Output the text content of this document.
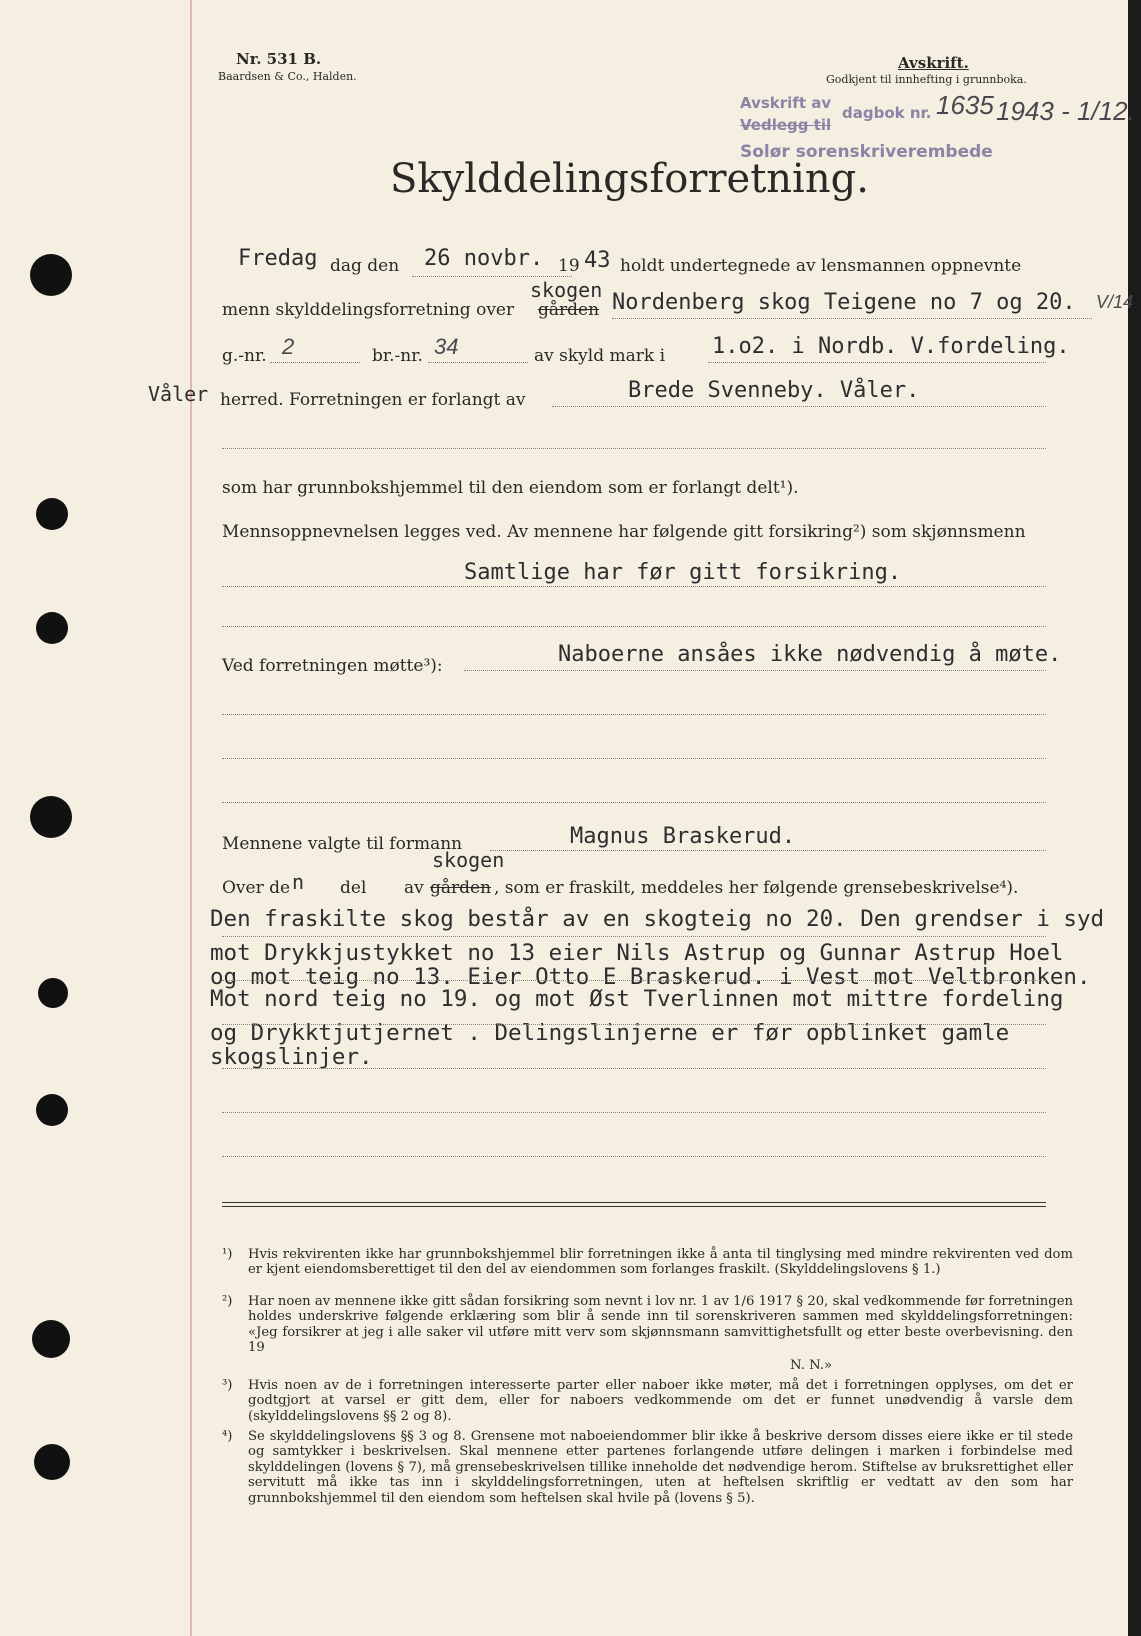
Nr. 531 B.
Baardsen & Co., Halden.
Avskrift.
Godkjent til innhefting i grunnboka.
Avskrift av
dagbok nr. 1635 1943 - 1/12.
Vedlegg til
Solør sorenskriverembede
Skylddelingsforretning.
Fredag dag den 26 novbr. 19 43 holdt undertegnede av lensmannen oppnevnte
menn skylddelingsforretning over
skogen
gården Nordenberg skog Teigene no 7 og 20. V/14
g.-nr. 2	br.-nr. 34	av skyld mark i 1.o2. i Nordb. V.fordeling.
Våler herred. Forretningen er forlangt av	Brede Svenneby. Våler.
som har grunnbokshjemmel til den eiendom som er forlangt delt¹).
Mennsoppnevnelsen legges ved. Av mennene har følgende gitt forsikring²) som skjønnsmenn
Samtlige har før gitt forsikring.
Ved forretningen møtte³):	Naboerne ansåes ikke nødvendig å møte.
Mennene valgte til formann	Magnus Braskerud.
skogen
Over de n del av gården , som er fraskilt, meddeles her følgende grensebeskrivelse⁴).
Den fraskilte skog består av en skogteig no 20. Den grendser i syd
mot Drykkjustykket no 13 eier Nils Astrup og Gunnar Astrup Hoel
og mot teig no 13. Eier Otto E Braskerud. i Vest mot Veltbronken.
Mot nord teig no 19. og mot Øst Tverlinnen mot mittre fordeling
og Drykktjutjernet . Delingslinjerne er før opblinket gamle
skogslinjer.
¹) Hvis rekvirenten ikke har grunnbokshjemmel blir forretningen ikke å anta til tinglysing med mindre rekvirenten ved dom er kjent eiendomsberettiget til den del av eiendommen som forlanges fraskilt. (Skylddelingslovens § 1.)
²) Har noen av mennene ikke gitt sådan forsikring som nevnt i lov nr. 1 av 1/6 1917 § 20, skal vedkommende før forretningen holdes underskrive følgende erklæring som blir å sende inn til sorenskriveren sammen med skylddelingsforretningen: «Jeg forsikrer at jeg i alle saker vil utføre mitt verv som skjønnsmann samvittighetsfullt og etter beste overbevisning. den 19
N. N.»
³) Hvis noen av de i forretningen interesserte parter eller naboer ikke møter, må det i forretningen opplyses, om det er godtgjort at varsel er gitt dem, eller for naboers vedkommende om det er funnet unødvendig å varsle dem (skylddelingslovens §§ 2 og 8).
⁴) Se skylddelingslovens §§ 3 og 8. Grensene mot naboeiendommer blir ikke å beskrive dersom disses eiere ikke er til stede og samtykker i beskrivelsen. Skal mennene etter partenes forlangende utføre delingen i marken i forbindelse med skylddelingen (lovens § 7), må grensebeskrivelsen tillike inneholde det nødvendige herom. Stiftelse av bruksrettighet eller servitutt må ikke tas inn i skylddelingsforretningen, uten at heftelsen skriftlig er vedtatt av den som har grunnbokshjemmel til den eiendom som heftelsen skal hvile på (lovens § 5).
